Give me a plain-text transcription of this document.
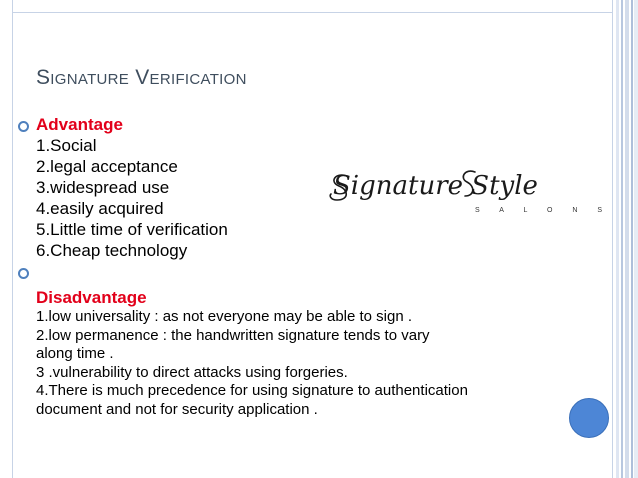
Signature Verification
Advantage
1.Social
2.legal acceptance
3.widespread use
4.easily acquired
5.Little time of verification
6.Cheap technology
Disadvantage
1.low universality : as not everyone may be able to sign .
2.low permanence : the handwritten signature tends to vary
along time .
3 .vulnerability to direct attacks using forgeries.
4.There is much precedence for using signature to authentication
document and not for security application .
Signature Style
S A L O N S
